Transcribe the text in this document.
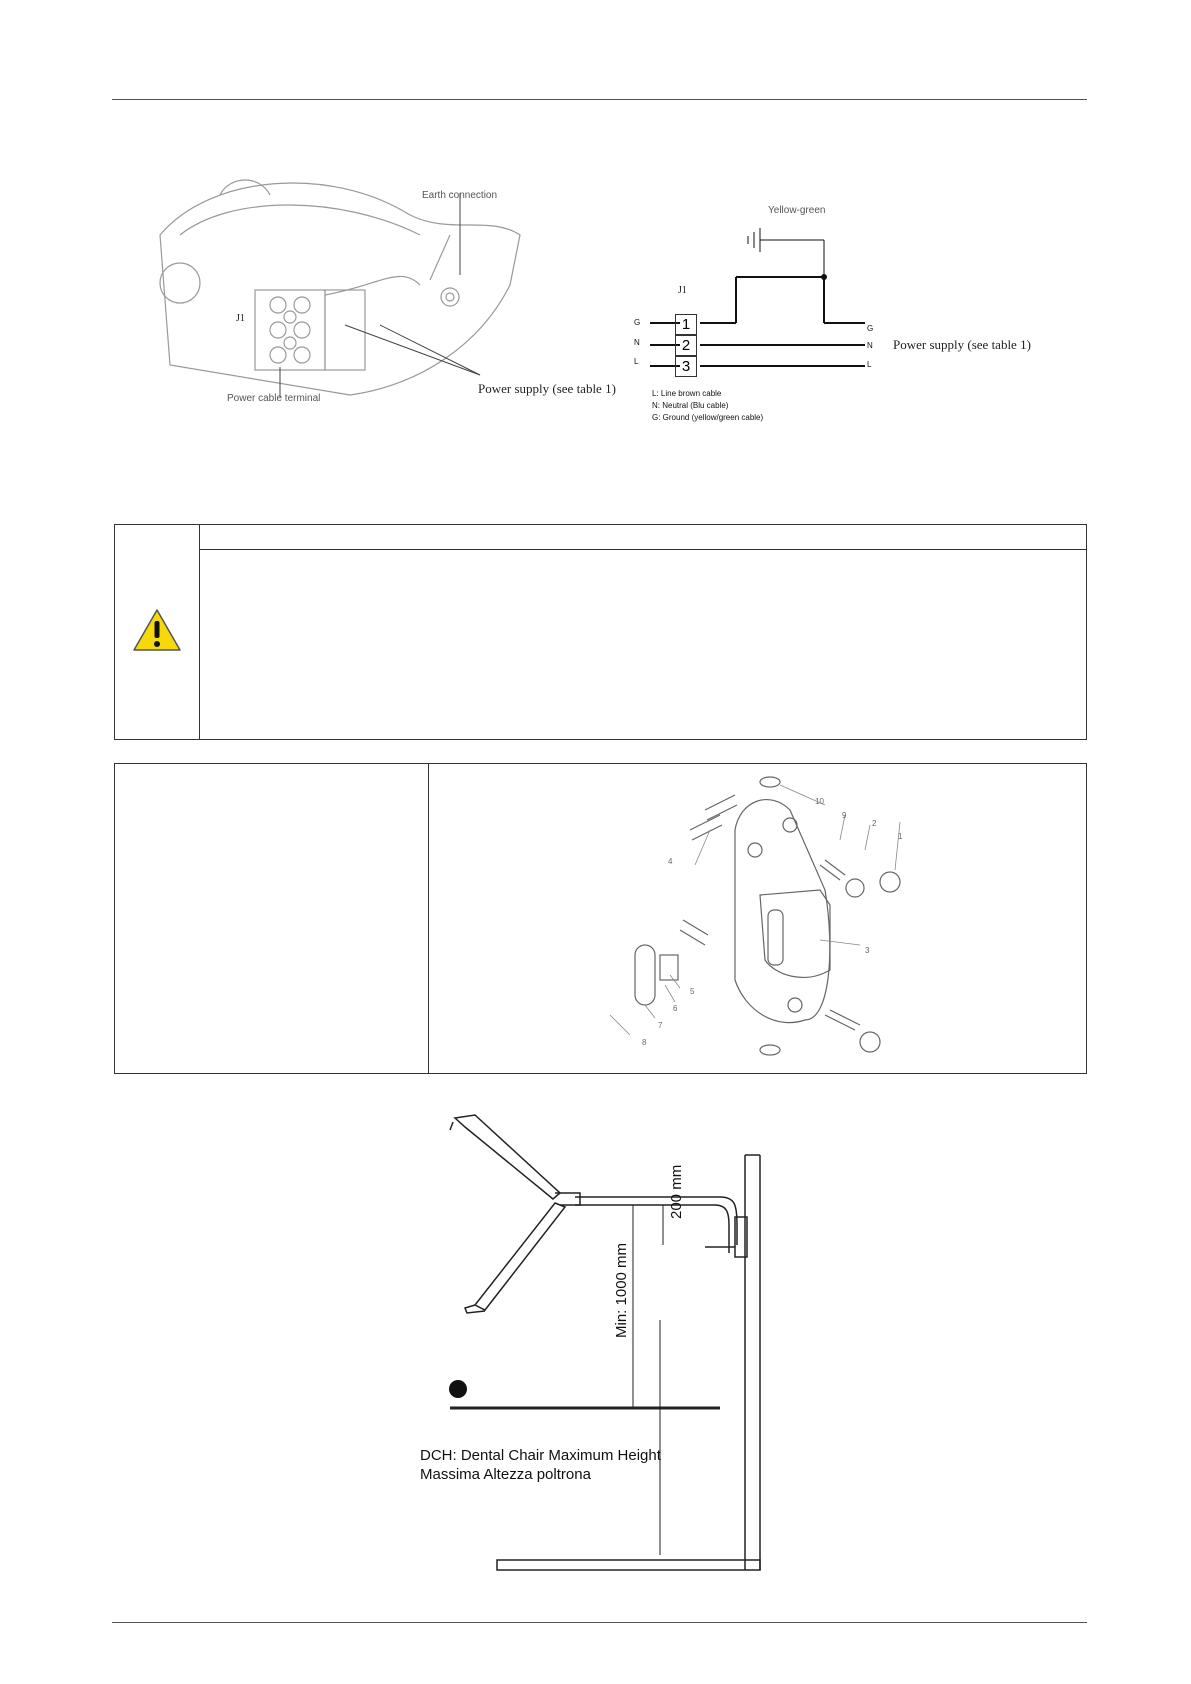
Earth connection
J1
Power cable terminal
Power supply (see table 1)
Yellow-green
J1
G
N
L
1
2
3
G
N
L
Power supply (see table 1)
L: Line brown cable
N: Neutral (Blu cable)
G: Ground (yellow/green cable)
10
9
2
1
4
3
5
6
7
8
200 mm
Min: 1000 mm
DCH: Dental Chair Maximum Height
Massima Altezza poltrona
